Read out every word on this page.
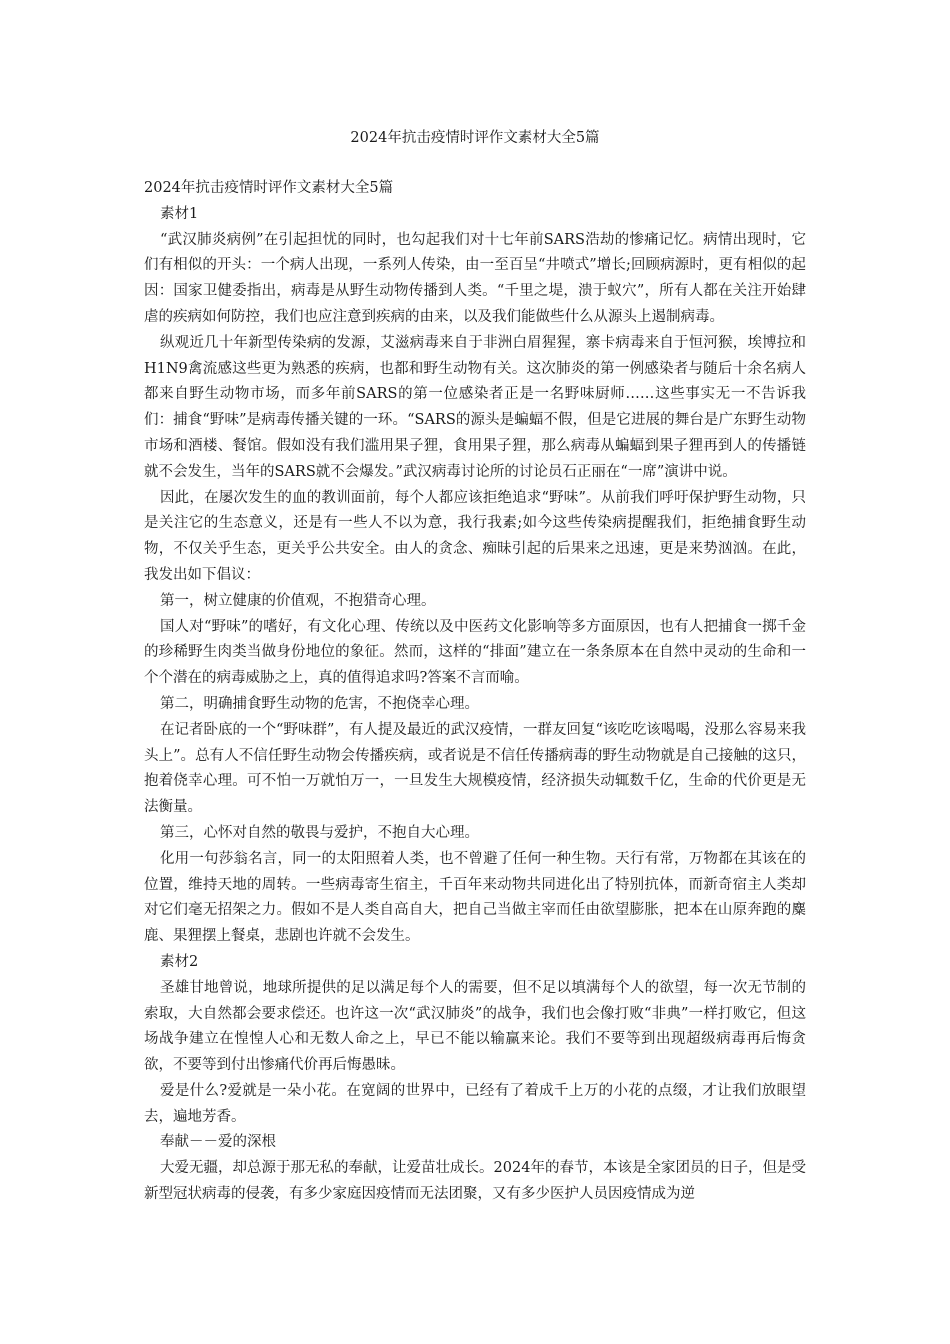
2024年抗击疫情时评作文素材大全5篇

2024年抗击疫情时评作文素材大全5篇

素材1

“武汉肺炎病例”在引起担忧的同时，也勾起我们对十七年前SARS浩劫的惨痛记忆。病情出现时，它们有相似的开头：一个病人出现，一系列人传染，由一至百呈“井喷式”增长;回顾病源时，更有相似的起因：国家卫健委指出，病毒是从野生动物传播到人类。“千里之堤，溃于蚁穴”，所有人都在关注开始肆虐的疾病如何防控，我们也应注意到疾病的由来，以及我们能做些什么从源头上遏制病毒。

纵观近几十年新型传染病的发源，艾滋病毒来自于非洲白眉猩猩，寨卡病毒来自于恒河猴，埃博拉和H1N9禽流感这些更为熟悉的疾病，也都和野生动物有关。这次肺炎的第一例感染者与随后十余名病人都来自野生动物市场，而多年前SARS的第一位感染者正是一名野味厨师……这些事实无一不告诉我们：捕食“野味”是病毒传播关键的一环。“SARS的源头是蝙蝠不假，但是它进展的舞台是广东野生动物市场和酒楼、餐馆。假如没有我们滥用果子狸，食用果子狸，那么病毒从蝙蝠到果子狸再到人的传播链就不会发生，当年的SARS就不会爆发。”武汉病毒讨论所的讨论员石正丽在“一席”演讲中说。

因此，在屡次发生的血的教训面前，每个人都应该拒绝追求“野味”。从前我们呼吁保护野生动物，只是关注它的生态意义，还是有一些人不以为意，我行我素;如今这些传染病提醒我们，拒绝捕食野生动物，不仅关乎生态，更关乎公共安全。由人的贪念、痴昧引起的后果来之迅速，更是来势汹汹。在此，我发出如下倡议：

第一，树立健康的价值观，不抱猎奇心理。

国人对“野味”的嗜好，有文化心理、传统以及中医药文化影响等多方面原因，也有人把捕食一掷千金的珍稀野生肉类当做身份地位的象征。然而，这样的“排面”建立在一条条原本在自然中灵动的生命和一个个潜在的病毒威胁之上，真的值得追求吗?答案不言而喻。

第二，明确捕食野生动物的危害，不抱侥幸心理。

在记者卧底的一个“野味群”，有人提及最近的武汉疫情，一群友回复“该吃吃该喝喝，没那么容易来我头上”。总有人不信任野生动物会传播疾病，或者说是不信任传播病毒的野生动物就是自己接触的这只，抱着侥幸心理。可不怕一万就怕万一，一旦发生大规模疫情，经济损失动辄数千亿，生命的代价更是无法衡量。

第三，心怀对自然的敬畏与爱护，不抱自大心理。

化用一句莎翁名言，同一的太阳照着人类，也不曾避了任何一种生物。天行有常，万物都在其该在的位置，维持天地的周转。一些病毒寄生宿主，千百年来动物共同进化出了特别抗体，而新奇宿主人类却对它们毫无招架之力。假如不是人类自高自大，把自己当做主宰而任由欲望膨胀，把本在山原奔跑的麋鹿、果狸摆上餐桌，悲剧也许就不会发生。

素材2

圣雄甘地曾说，地球所提供的足以满足每个人的需要，但不足以填满每个人的欲望，每一次无节制的索取，大自然都会要求偿还。也许这一次“武汉肺炎”的战争，我们也会像打败“非典”一样打败它，但这场战争建立在惶惶人心和无数人命之上，早已不能以输赢来论。我们不要等到出现超级病毒再后悔贪欲，不要等到付出惨痛代价再后悔愚昧。

爱是什么?爱就是一朵小花。在宽阔的世界中，已经有了着成千上万的小花的点缀，才让我们放眼望去，遍地芳香。

奉献－－爱的深根

大爱无疆，却总源于那无私的奉献，让爱苗壮成长。2024年的春节，本该是全家团员的日子，但是受新型冠状病毒的侵袭，有多少家庭因疫情而无法团聚，又有多少医护人员因疫情成为逆
